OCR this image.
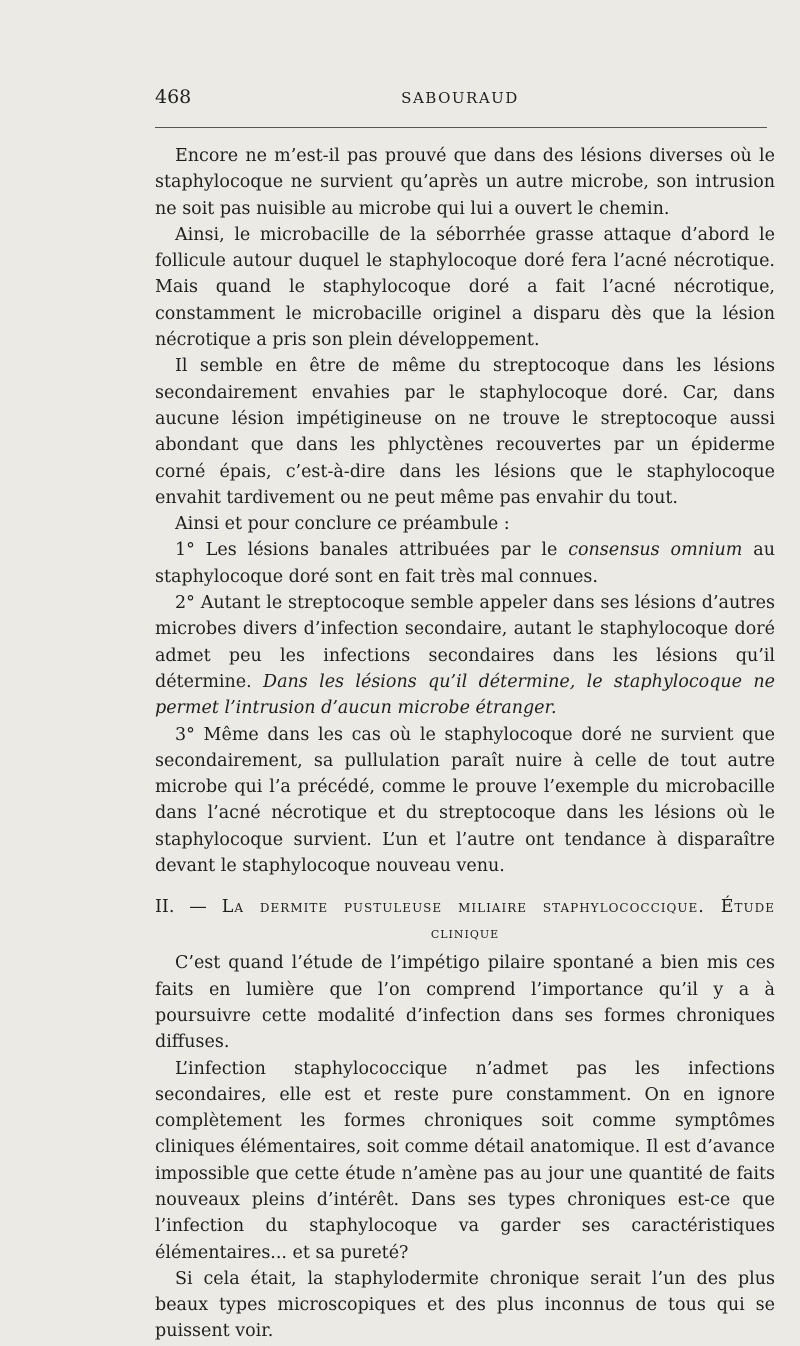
468	SABOURAUD

Encore ne m’est-il pas prouvé que dans des lésions diverses où le staphylocoque ne survient qu’après un autre microbe, son intrusion ne soit pas nuisible au microbe qui lui a ouvert le chemin.

Ainsi, le microbacille de la séborrhée grasse attaque d’abord le follicule autour duquel le staphylocoque doré fera l’acné nécrotique. Mais quand le staphylocoque doré a fait l’acné nécrotique, constamment le microbacille originel a disparu dès que la lésion nécrotique a pris son plein développement.

Il semble en être de même du streptocoque dans les lésions secondairement envahies par le staphylocoque doré. Car, dans aucune lésion impétigineuse on ne trouve le streptocoque aussi abondant que dans les phlyctènes recouvertes par un épiderme corné épais, c’est-à-dire dans les lésions que le staphylocoque envahit tardivement ou ne peut même pas envahir du tout.

Ainsi et pour conclure ce préambule :

1° Les lésions banales attribuées par le consensus omnium au staphylocoque doré sont en fait très mal connues.

2° Autant le streptocoque semble appeler dans ses lésions d’autres microbes divers d’infection secondaire, autant le staphylocoque doré admet peu les infections secondaires dans les lésions qu’il détermine. Dans les lésions qu’il détermine, le staphylocoque ne permet l’intrusion d’aucun microbe étranger.

3° Même dans les cas où le staphylocoque doré ne survient que secondairement, sa pullulation paraît nuire à celle de tout autre microbe qui l’a précédé, comme le prouve l’exemple du microbacille dans l’acné nécrotique et du streptocoque dans les lésions où le staphylocoque survient. L’un et l’autre ont tendance à disparaître devant le staphylocoque nouveau venu.

II. — La dermite pustuleuse miliaire staphylococcique. Étude
clinique

C’est quand l’étude de l’impétigo pilaire spontané a bien mis ces faits en lumière que l’on comprend l’importance qu’il y a à poursuivre cette modalité d’infection dans ses formes chroniques diffuses.

L’infection staphylococcique n’admet pas les infections secondaires, elle est et reste pure constamment. On en ignore complètement les formes chroniques soit comme symptômes cliniques élémentaires, soit comme détail anatomique. Il est d’avance impossible que cette étude n’amène pas au jour une quantité de faits nouveaux pleins d’intérêt. Dans ses types chroniques est-ce que l’infection du staphylocoque va garder ses caractéristiques élémentaires... et sa pureté?

Si cela était, la staphylodermite chronique serait l’un des plus beaux types microscopiques et des plus inconnus de tous qui se puissent voir.
